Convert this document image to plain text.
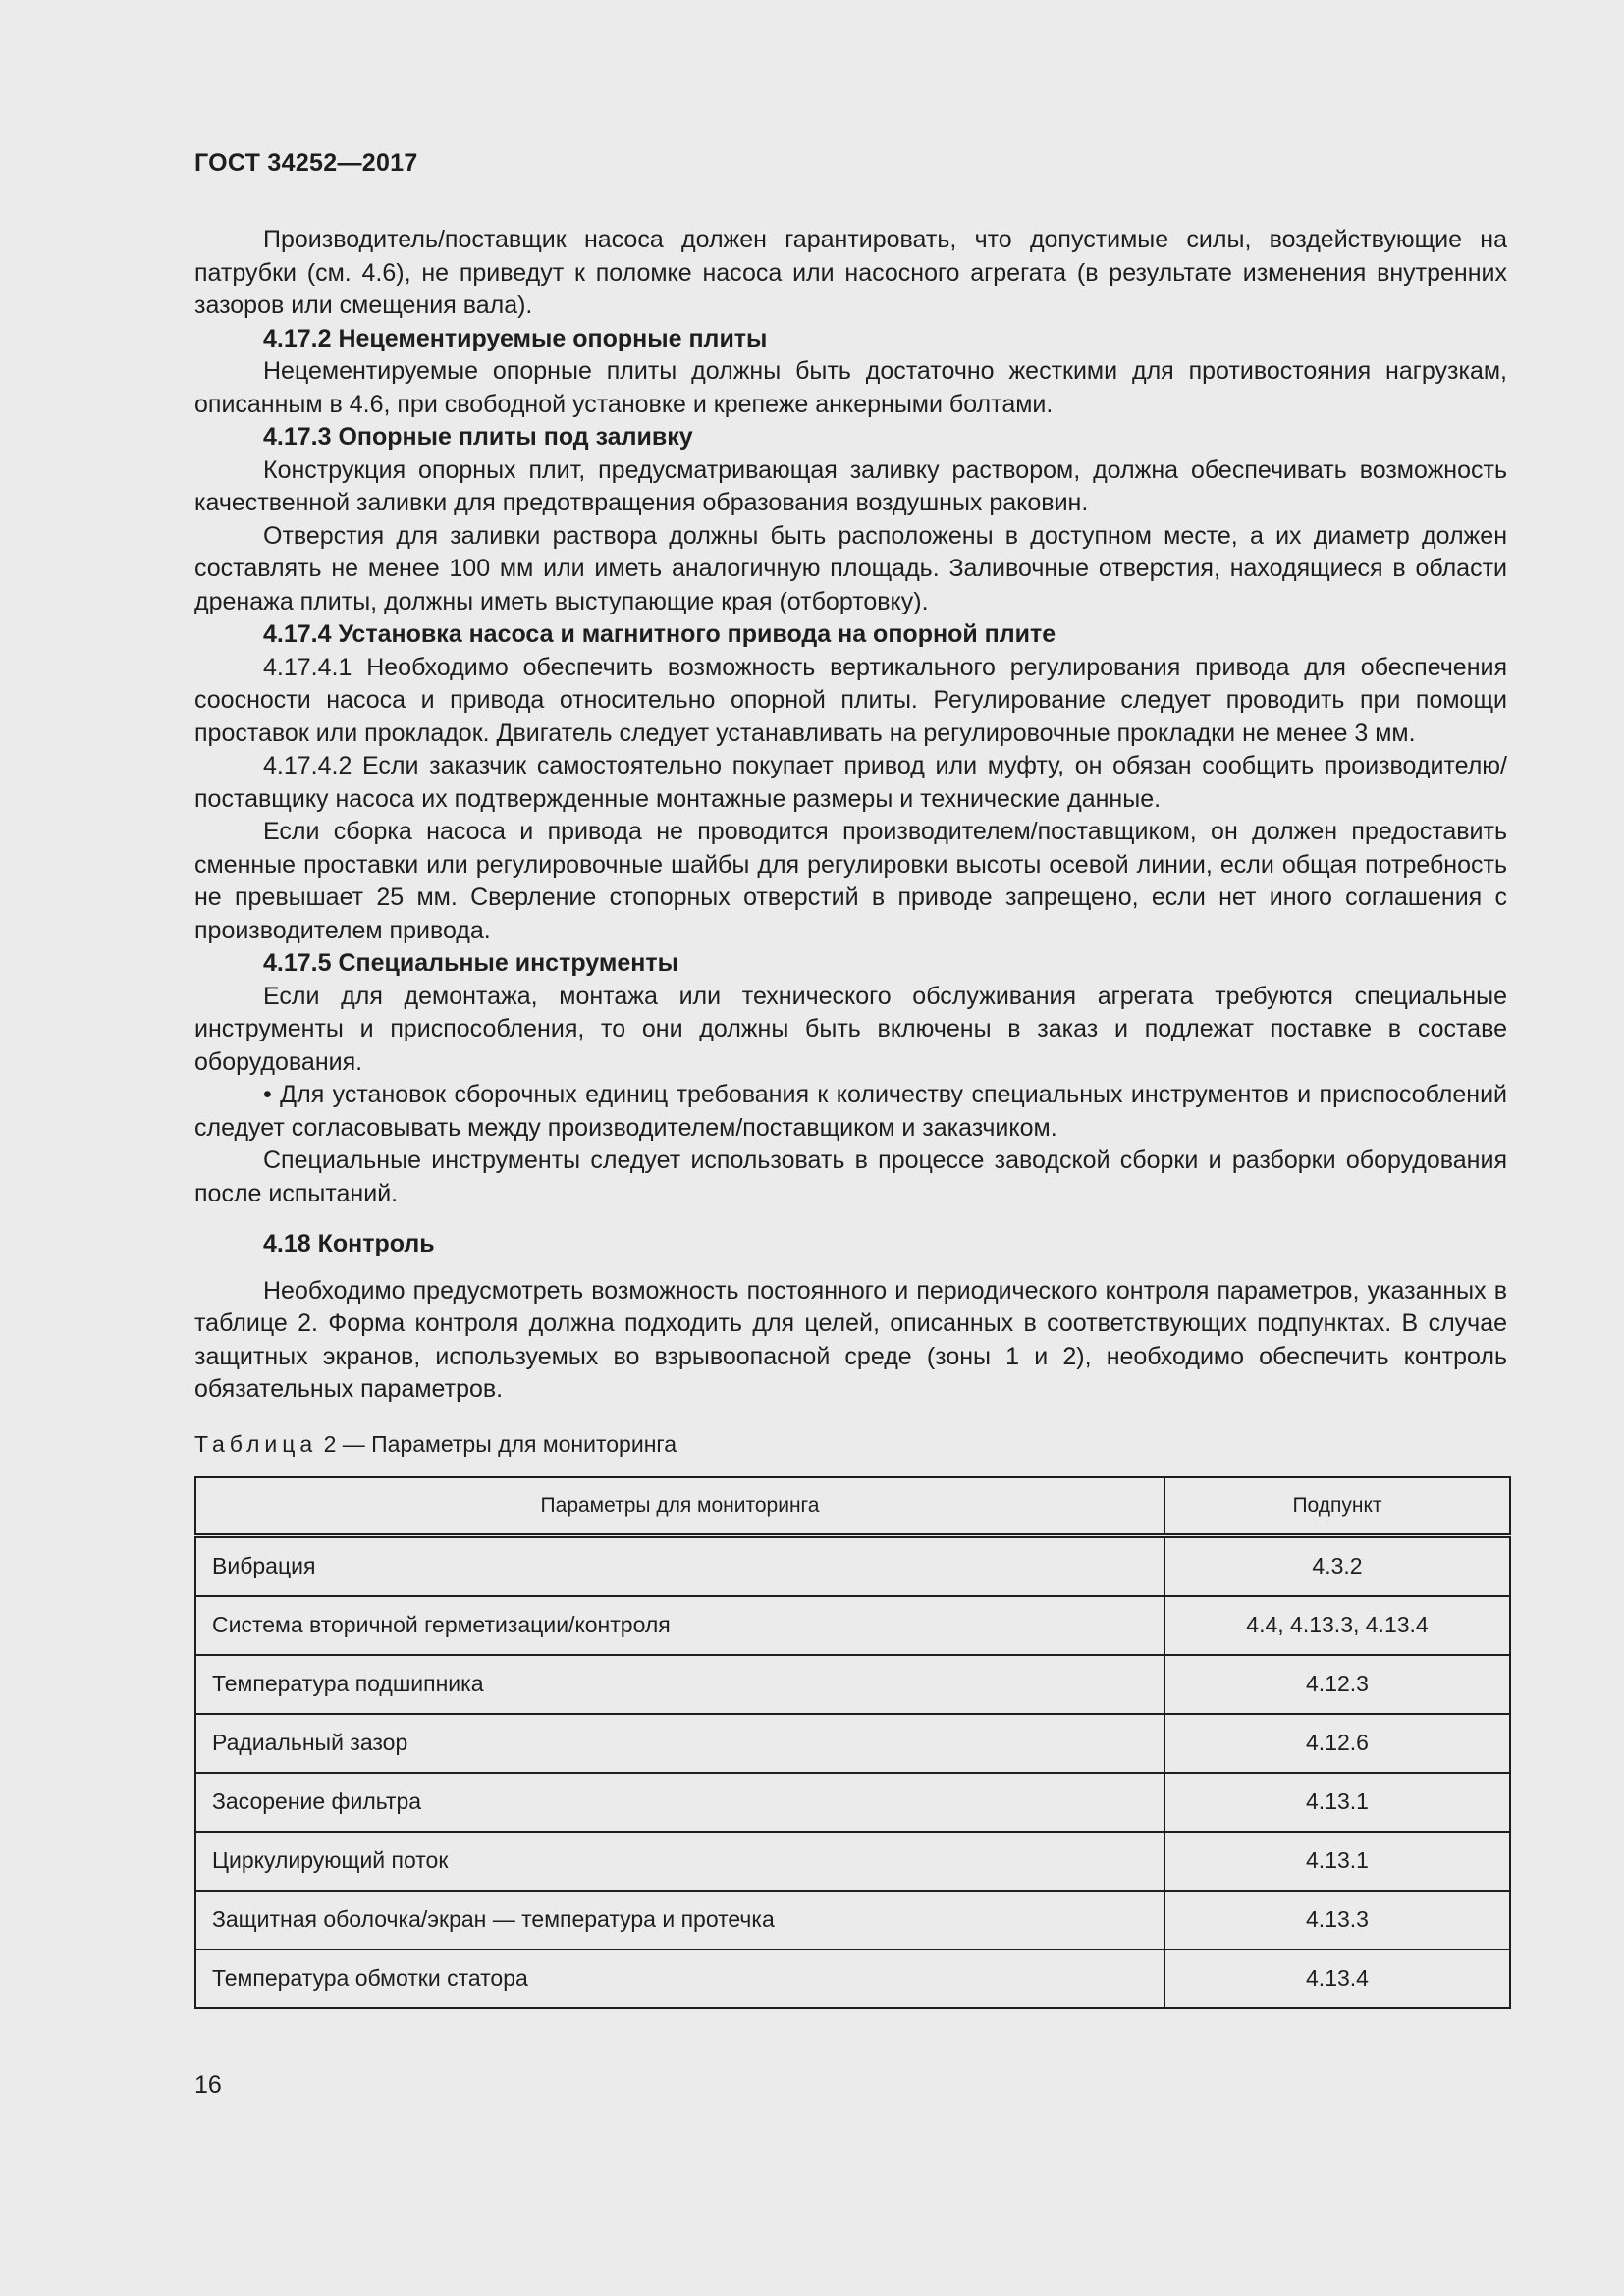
ГОСТ 34252—2017

Производитель/поставщик насоса должен гарантировать, что допустимые силы, воздействующие на патрубки (см. 4.6), не приведут к поломке насоса или насосного агрегата (в результате изменения внутренних зазоров или смещения вала).

4.17.2 Нецементируемые опорные плиты

Нецементируемые опорные плиты должны быть достаточно жесткими для противостояния нагрузкам, описанным в 4.6, при свободной установке и крепеже анкерными болтами.

4.17.3 Опорные плиты под заливку

Конструкция опорных плит, предусматривающая заливку раствором, должна обеспечивать возможность качественной заливки для предотвращения образования воздушных раковин.

Отверстия для заливки раствора должны быть расположены в доступном месте, а их диаметр должен составлять не менее 100 мм или иметь аналогичную площадь. Заливочные отверстия, находящиеся в области дренажа плиты, должны иметь выступающие края (отбортовку).

4.17.4 Установка насоса и магнитного привода на опорной плите

4.17.4.1 Необходимо обеспечить возможность вертикального регулирования привода для обеспечения соосности насоса и привода относительно опорной плиты. Регулирование следует проводить при помощи проставок или прокладок. Двигатель следует устанавливать на регулировочные прокладки не менее 3 мм.

4.17.4.2 Если заказчик самостоятельно покупает привод или муфту, он обязан сообщить производителю/поставщику насоса их подтвержденные монтажные размеры и технические данные.

Если сборка насоса и привода не проводится производителем/поставщиком, он должен предоставить сменные проставки или регулировочные шайбы для регулировки высоты осевой линии, если общая потребность не превышает 25 мм. Сверление стопорных отверстий в приводе запрещено, если нет иного соглашения с производителем привода.

4.17.5 Специальные инструменты

Если для демонтажа, монтажа или технического обслуживания агрегата требуются специальные инструменты и приспособления, то они должны быть включены в заказ и подлежат поставке в составе оборудования.

• Для установок сборочных единиц требования к количеству специальных инструментов и приспособлений следует согласовывать между производителем/поставщиком и заказчиком.

Специальные инструменты следует использовать в процессе заводской сборки и разборки оборудования после испытаний.

4.18 Контроль

Необходимо предусмотреть возможность постоянного и периодического контроля параметров, указанных в таблице 2. Форма контроля должна подходить для целей, описанных в соответствующих подпунктах. В случае защитных экранов, используемых во взрывоопасной среде (зоны 1 и 2), необходимо обеспечить контроль обязательных параметров.

Таблица 2 — Параметры для мониторинга
Параметры для мониторинга	Подпункт
Вибрация	4.3.2
Система вторичной герметизации/контроля	4.4, 4.13.3, 4.13.4
Температура подшипника	4.12.3
Радиальный зазор	4.12.6
Засорение фильтра	4.13.1
Циркулирующий поток	4.13.1
Защитная оболочка/экран — температура и протечка	4.13.3
Температура обмотки статора	4.13.4
16
